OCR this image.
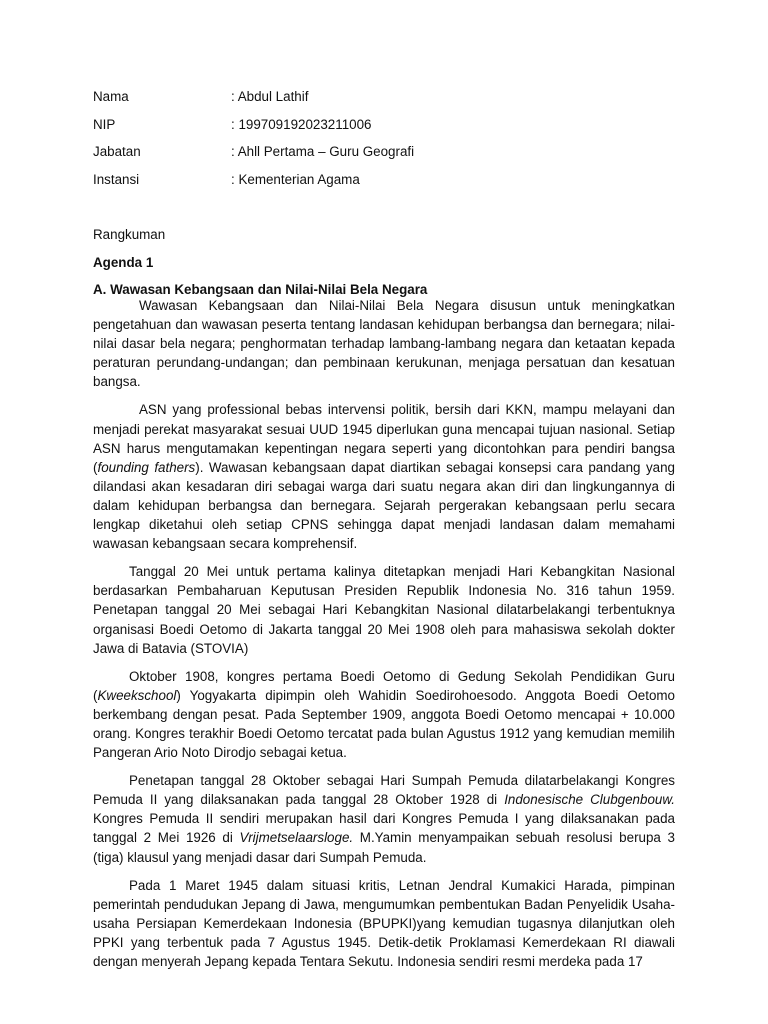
Nama	: Abdul Lathif
NIP	: 199709192023211006
Jabatan	: Ahll Pertama – Guru Geografi
Instansi	: Kementerian Agama
Rangkuman
Agenda 1
A. Wawasan Kebangsaan dan Nilai-Nilai Bela Negara

Wawasan Kebangsaan dan Nilai-Nilai Bela Negara disusun untuk meningkatkan pengetahuan dan wawasan peserta tentang landasan kehidupan berbangsa dan bernegara; nilai-nilai dasar bela negara; penghormatan terhadap lambang-lambang negara dan ketaatan kepada peraturan perundang-undangan; dan pembinaan kerukunan, menjaga persatuan dan kesatuan bangsa.

ASN yang professional bebas intervensi politik, bersih dari KKN, mampu melayani dan menjadi perekat masyarakat sesuai UUD 1945 diperlukan guna mencapai tujuan nasional. Setiap ASN harus mengutamakan kepentingan negara seperti yang dicontohkan para pendiri bangsa (founding fathers). Wawasan kebangsaan dapat diartikan sebagai konsepsi cara pandang yang dilandasi akan kesadaran diri sebagai warga dari suatu negara akan diri dan lingkungannya di dalam kehidupan berbangsa dan bernegara. Sejarah pergerakan kebangsaan perlu secara lengkap diketahui oleh setiap CPNS sehingga dapat menjadi landasan dalam memahami wawasan kebangsaan secara komprehensif.

Tanggal 20 Mei untuk pertama kalinya ditetapkan menjadi Hari Kebangkitan Nasional berdasarkan Pembaharuan Keputusan Presiden Republik Indonesia No. 316 tahun 1959. Penetapan tanggal 20 Mei sebagai Hari Kebangkitan Nasional dilatarbelakangi terbentuknya organisasi Boedi Oetomo di Jakarta tanggal 20 Mei 1908 oleh para mahasiswa sekolah dokter Jawa di Batavia (STOVIA)

Oktober 1908, kongres pertama Boedi Oetomo di Gedung Sekolah Pendidikan Guru (Kweekschool) Yogyakarta dipimpin oleh Wahidin Soedirohoesodo. Anggota Boedi Oetomo berkembang dengan pesat. Pada September 1909, anggota Boedi Oetomo mencapai + 10.000 orang. Kongres terakhir Boedi Oetomo tercatat pada bulan Agustus 1912 yang kemudian memilih Pangeran Ario Noto Dirodjo sebagai ketua.

Penetapan tanggal 28 Oktober sebagai Hari Sumpah Pemuda dilatarbelakangi Kongres Pemuda II yang dilaksanakan pada tanggal 28 Oktober 1928 di Indonesische Clubgenbouw. Kongres Pemuda II sendiri merupakan hasil dari Kongres Pemuda I yang dilaksanakan pada tanggal 2 Mei 1926 di Vrijmetselaarsloge. M.Yamin menyampaikan sebuah resolusi berupa 3 (tiga) klausul yang menjadi dasar dari Sumpah Pemuda.

Pada 1 Maret 1945 dalam situasi kritis, Letnan Jendral Kumakici Harada, pimpinan pemerintah pendudukan Jepang di Jawa, mengumumkan pembentukan Badan Penyelidik Usaha-usaha Persiapan Kemerdekaan Indonesia (BPUPKI)yang kemudian tugasnya dilanjutkan oleh PPKI yang terbentuk pada 7 Agustus 1945. Detik-detik Proklamasi Kemerdekaan RI diawali dengan menyerah Jepang kepada Tentara Sekutu. Indonesia sendiri resmi merdeka pada 17
